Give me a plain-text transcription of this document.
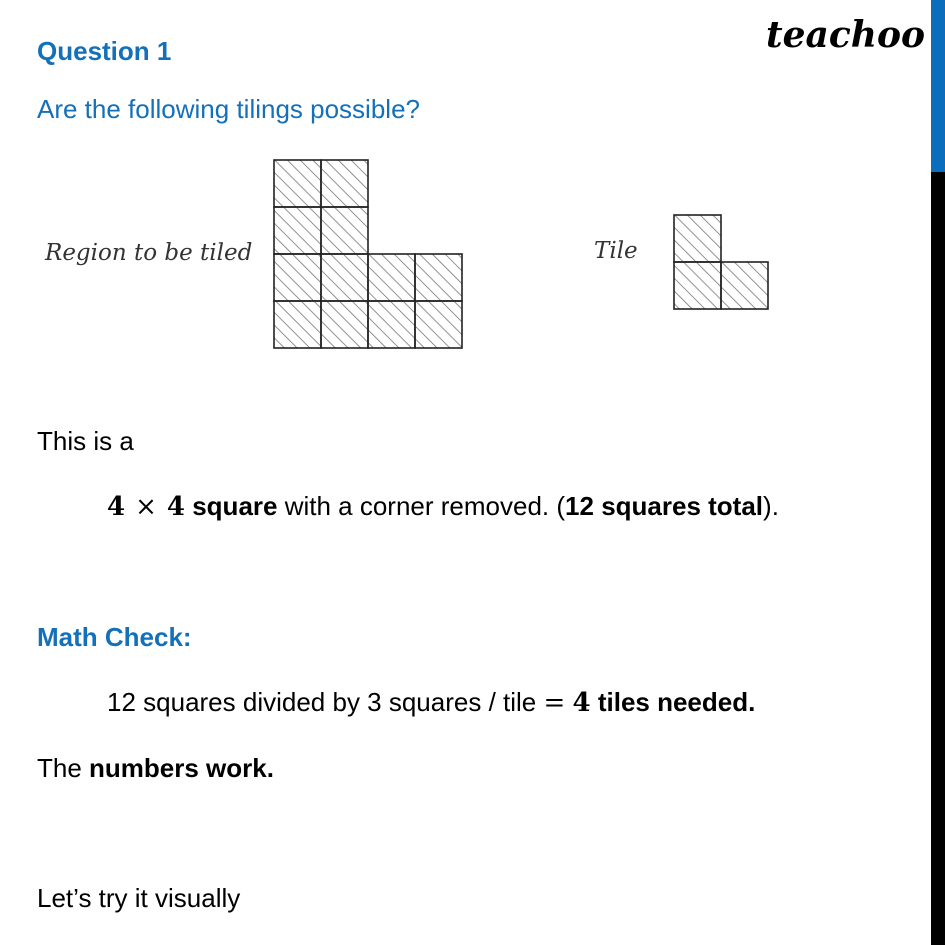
teachoo
Question 1
Are the following tilings possible?
Region to be tiled	Tile
This is a
4 × 4 square with a corner removed. (12 squares total).
Math Check:
12 squares divided by 3 squares / tile = 4 tiles needed.
The numbers work.
Let’s try it visually
